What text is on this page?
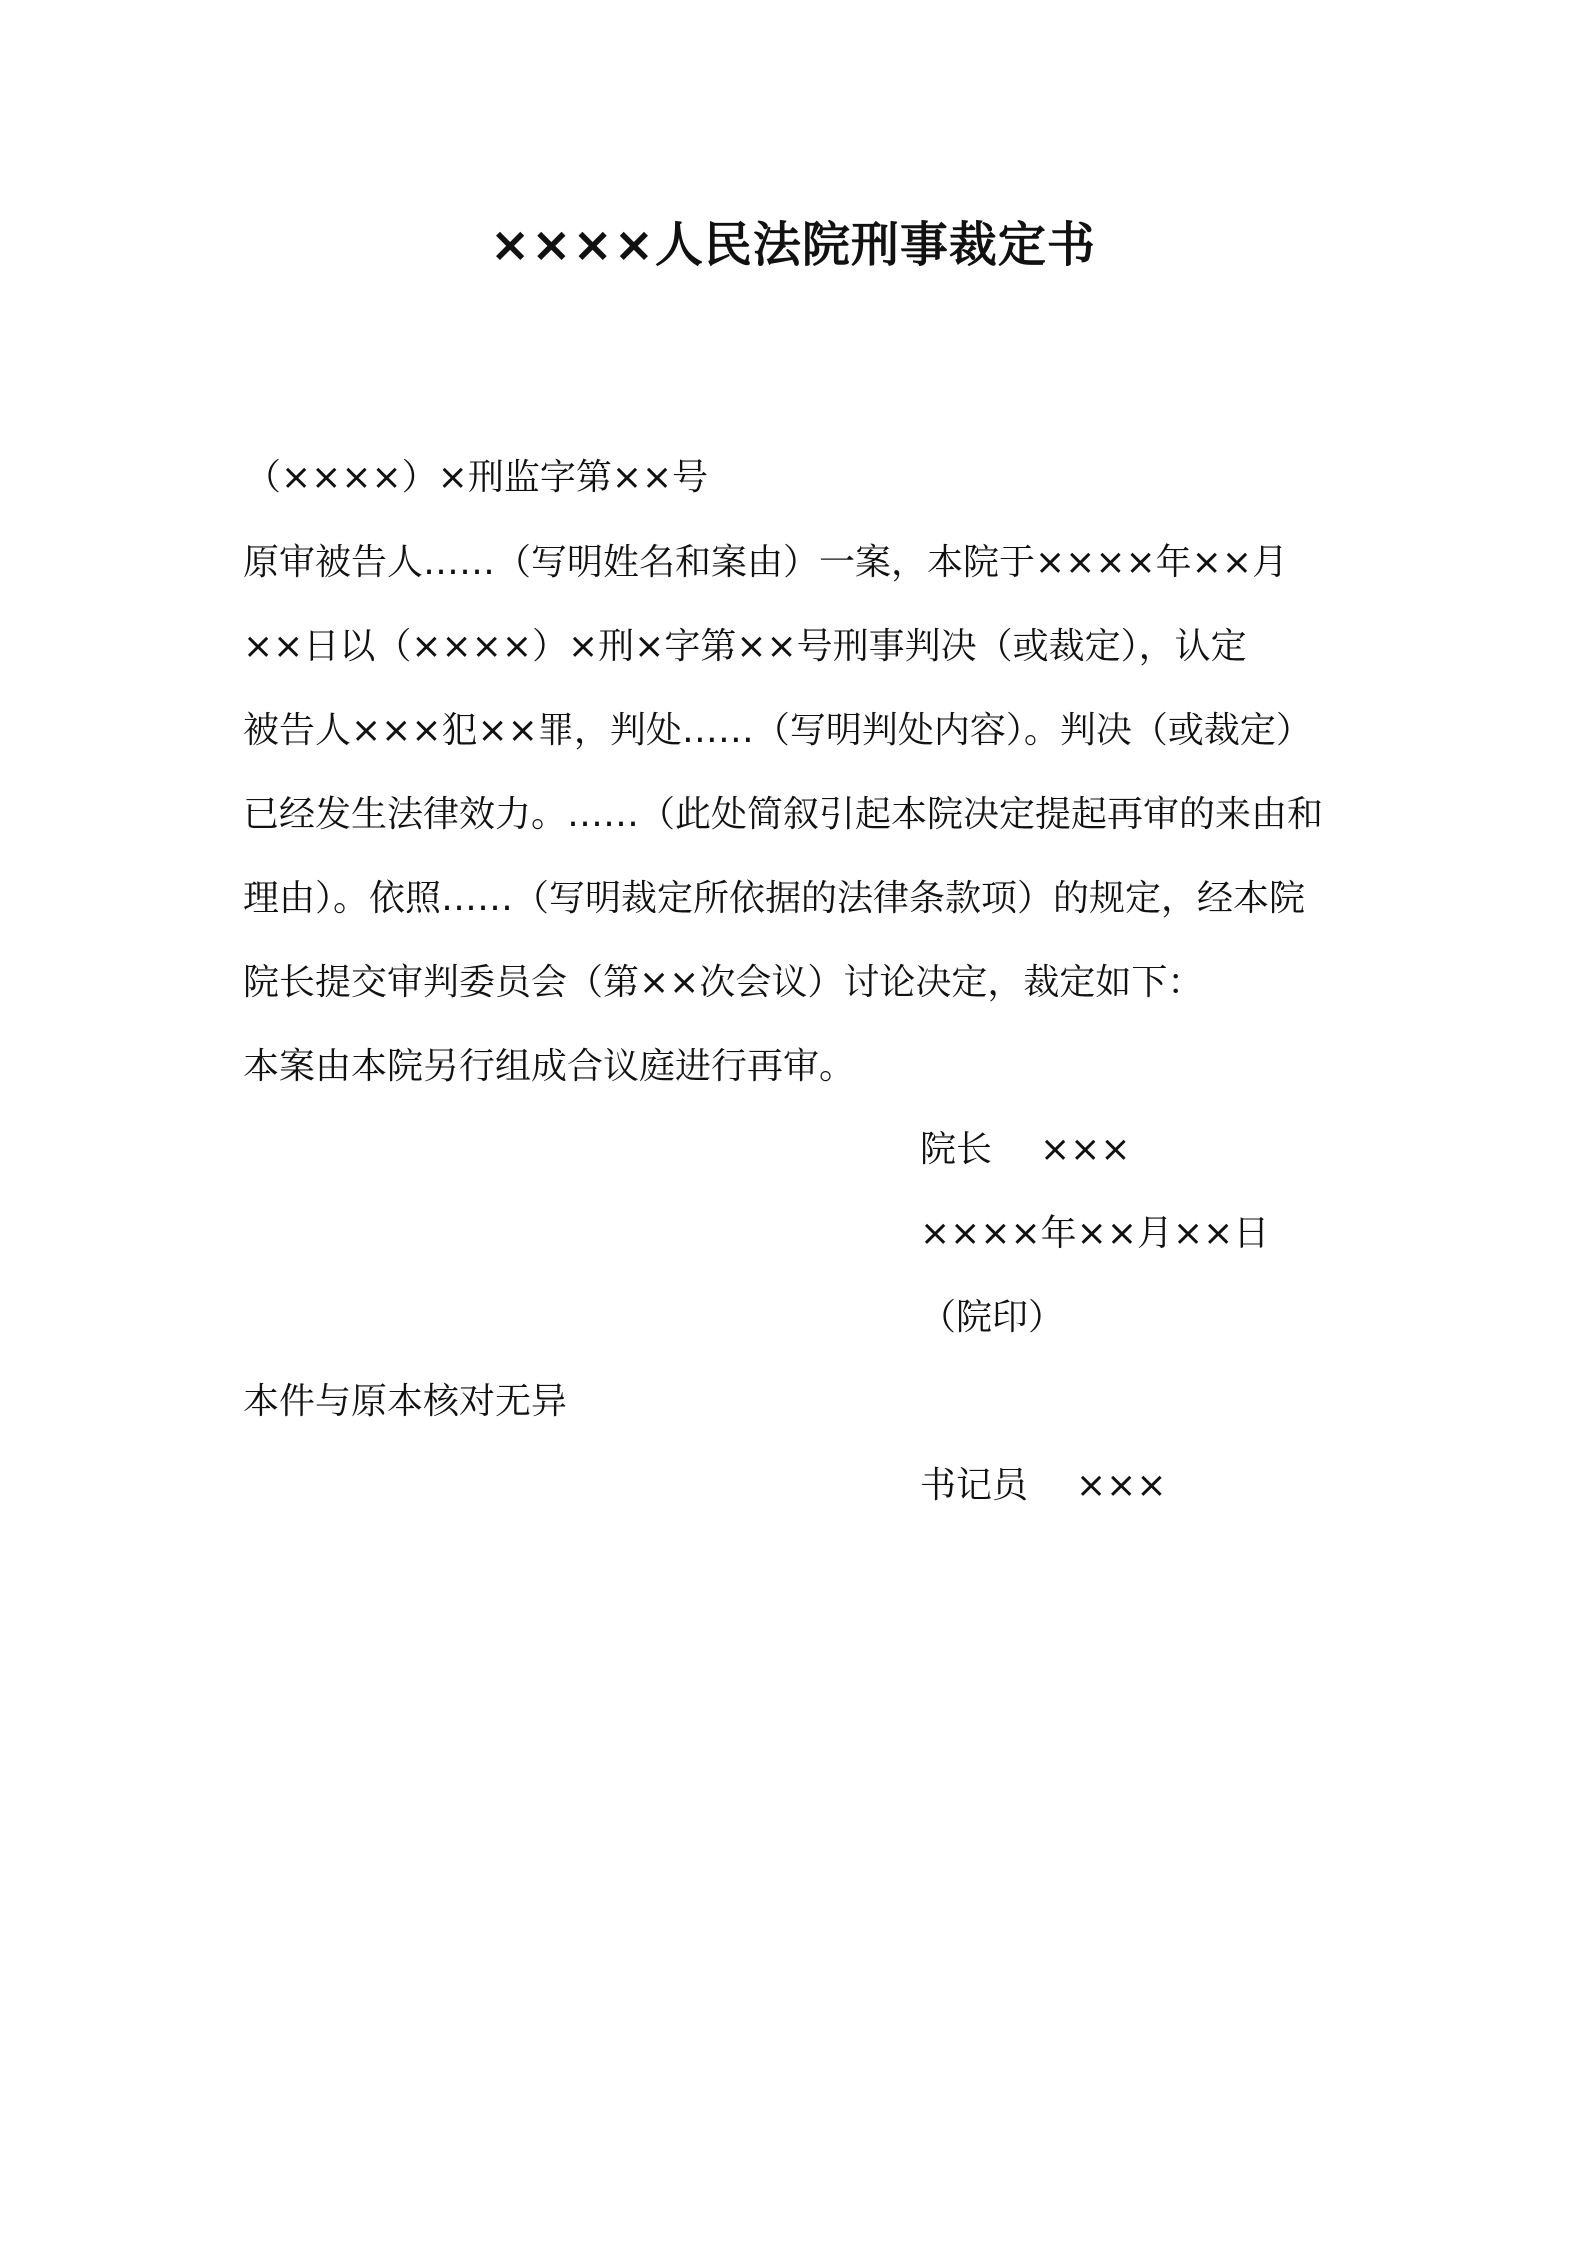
××××人民法院刑事裁定书
（××××）×刑监字第××号
原审被告人……（写明姓名和案由）一案，本院于××××年××月
××日以（××××）×刑×字第××号刑事判决（或裁定），认定
被告人×××犯××罪，判处……（写明判处内容）。判决（或裁定）
已经发生法律效力。……（此处简叙引起本院决定提起再审的来由和
理由）。依照……（写明裁定所依据的法律条款项）的规定，经本院
院长提交审判委员会（第××次会议）讨论决定，裁定如下：
本案由本院另行组成合议庭进行再审。
院长 ×××
××××年××月××日
（院印）
本件与原本核对无异
书记员 ×××
